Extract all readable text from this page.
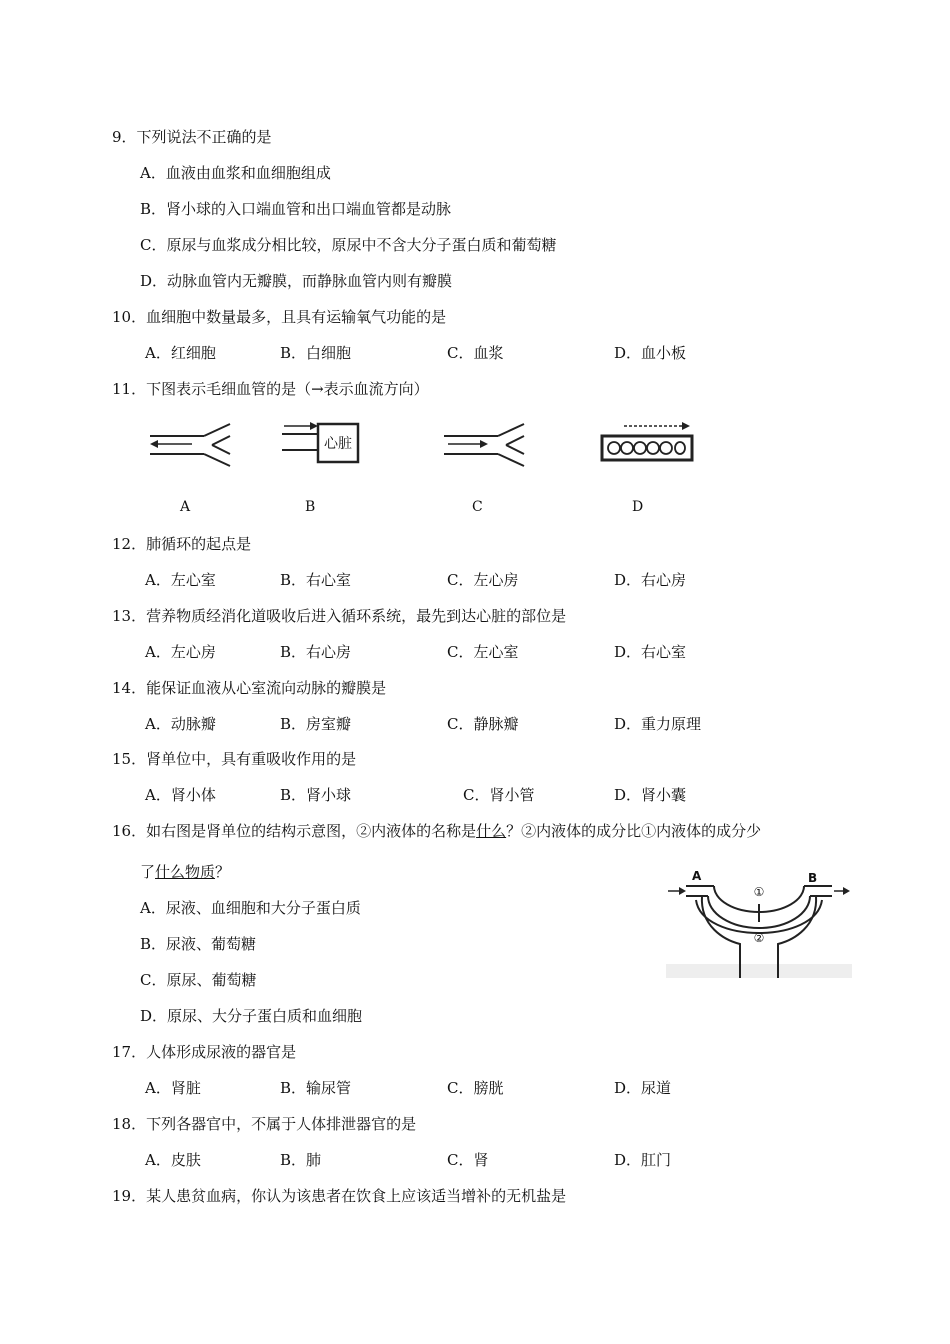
9．下列说法不正确的是
A．血液由血浆和血细胞组成
B．肾小球的入口端血管和出口端血管都是动脉
C．原尿与血浆成分相比较，原尿中不含大分子蛋白质和葡萄糖
D．动脉血管内无瓣膜，而静脉血管内则有瓣膜
10．血细胞中数量最多，且具有运输氧气功能的是
A．红细胞	B．白细胞	C．血浆	D．血小板
11．下图表示毛细血管的是（→表示血流方向）
心脏
A	B	C	D
12．肺循环的起点是
A．左心室	B．右心室	C．左心房	D．右心房
13．营养物质经消化道吸收后进入循环系统，最先到达心脏的部位是
A．左心房	B．右心房	C．左心室	D．右心室
14．能保证血液从心室流向动脉的瓣膜是
A．动脉瓣	B．房室瓣	C．静脉瓣	D．重力原理
15．肾单位中，具有重吸收作用的是
A．肾小体	B．肾小球	C．肾小管	D．肾小囊
16．如右图是肾单位的结构示意图，②内液体的名称是什么？②内液体的成分比①内液体的成分少
了什么物质？
A．尿液、血细胞和大分子蛋白质
B．尿液、葡萄糖
C．原尿、葡萄糖
D．原尿、大分子蛋白质和血细胞
A	B
①
②
17．人体形成尿液的器官是
A．肾脏	B．输尿管	C．膀胱	D．尿道
18．下列各器官中，不属于人体排泄器官的是
A．皮肤	B．肺	C．肾	D．肛门
19．某人患贫血病，你认为该患者在饮食上应该适当增补的无机盐是
